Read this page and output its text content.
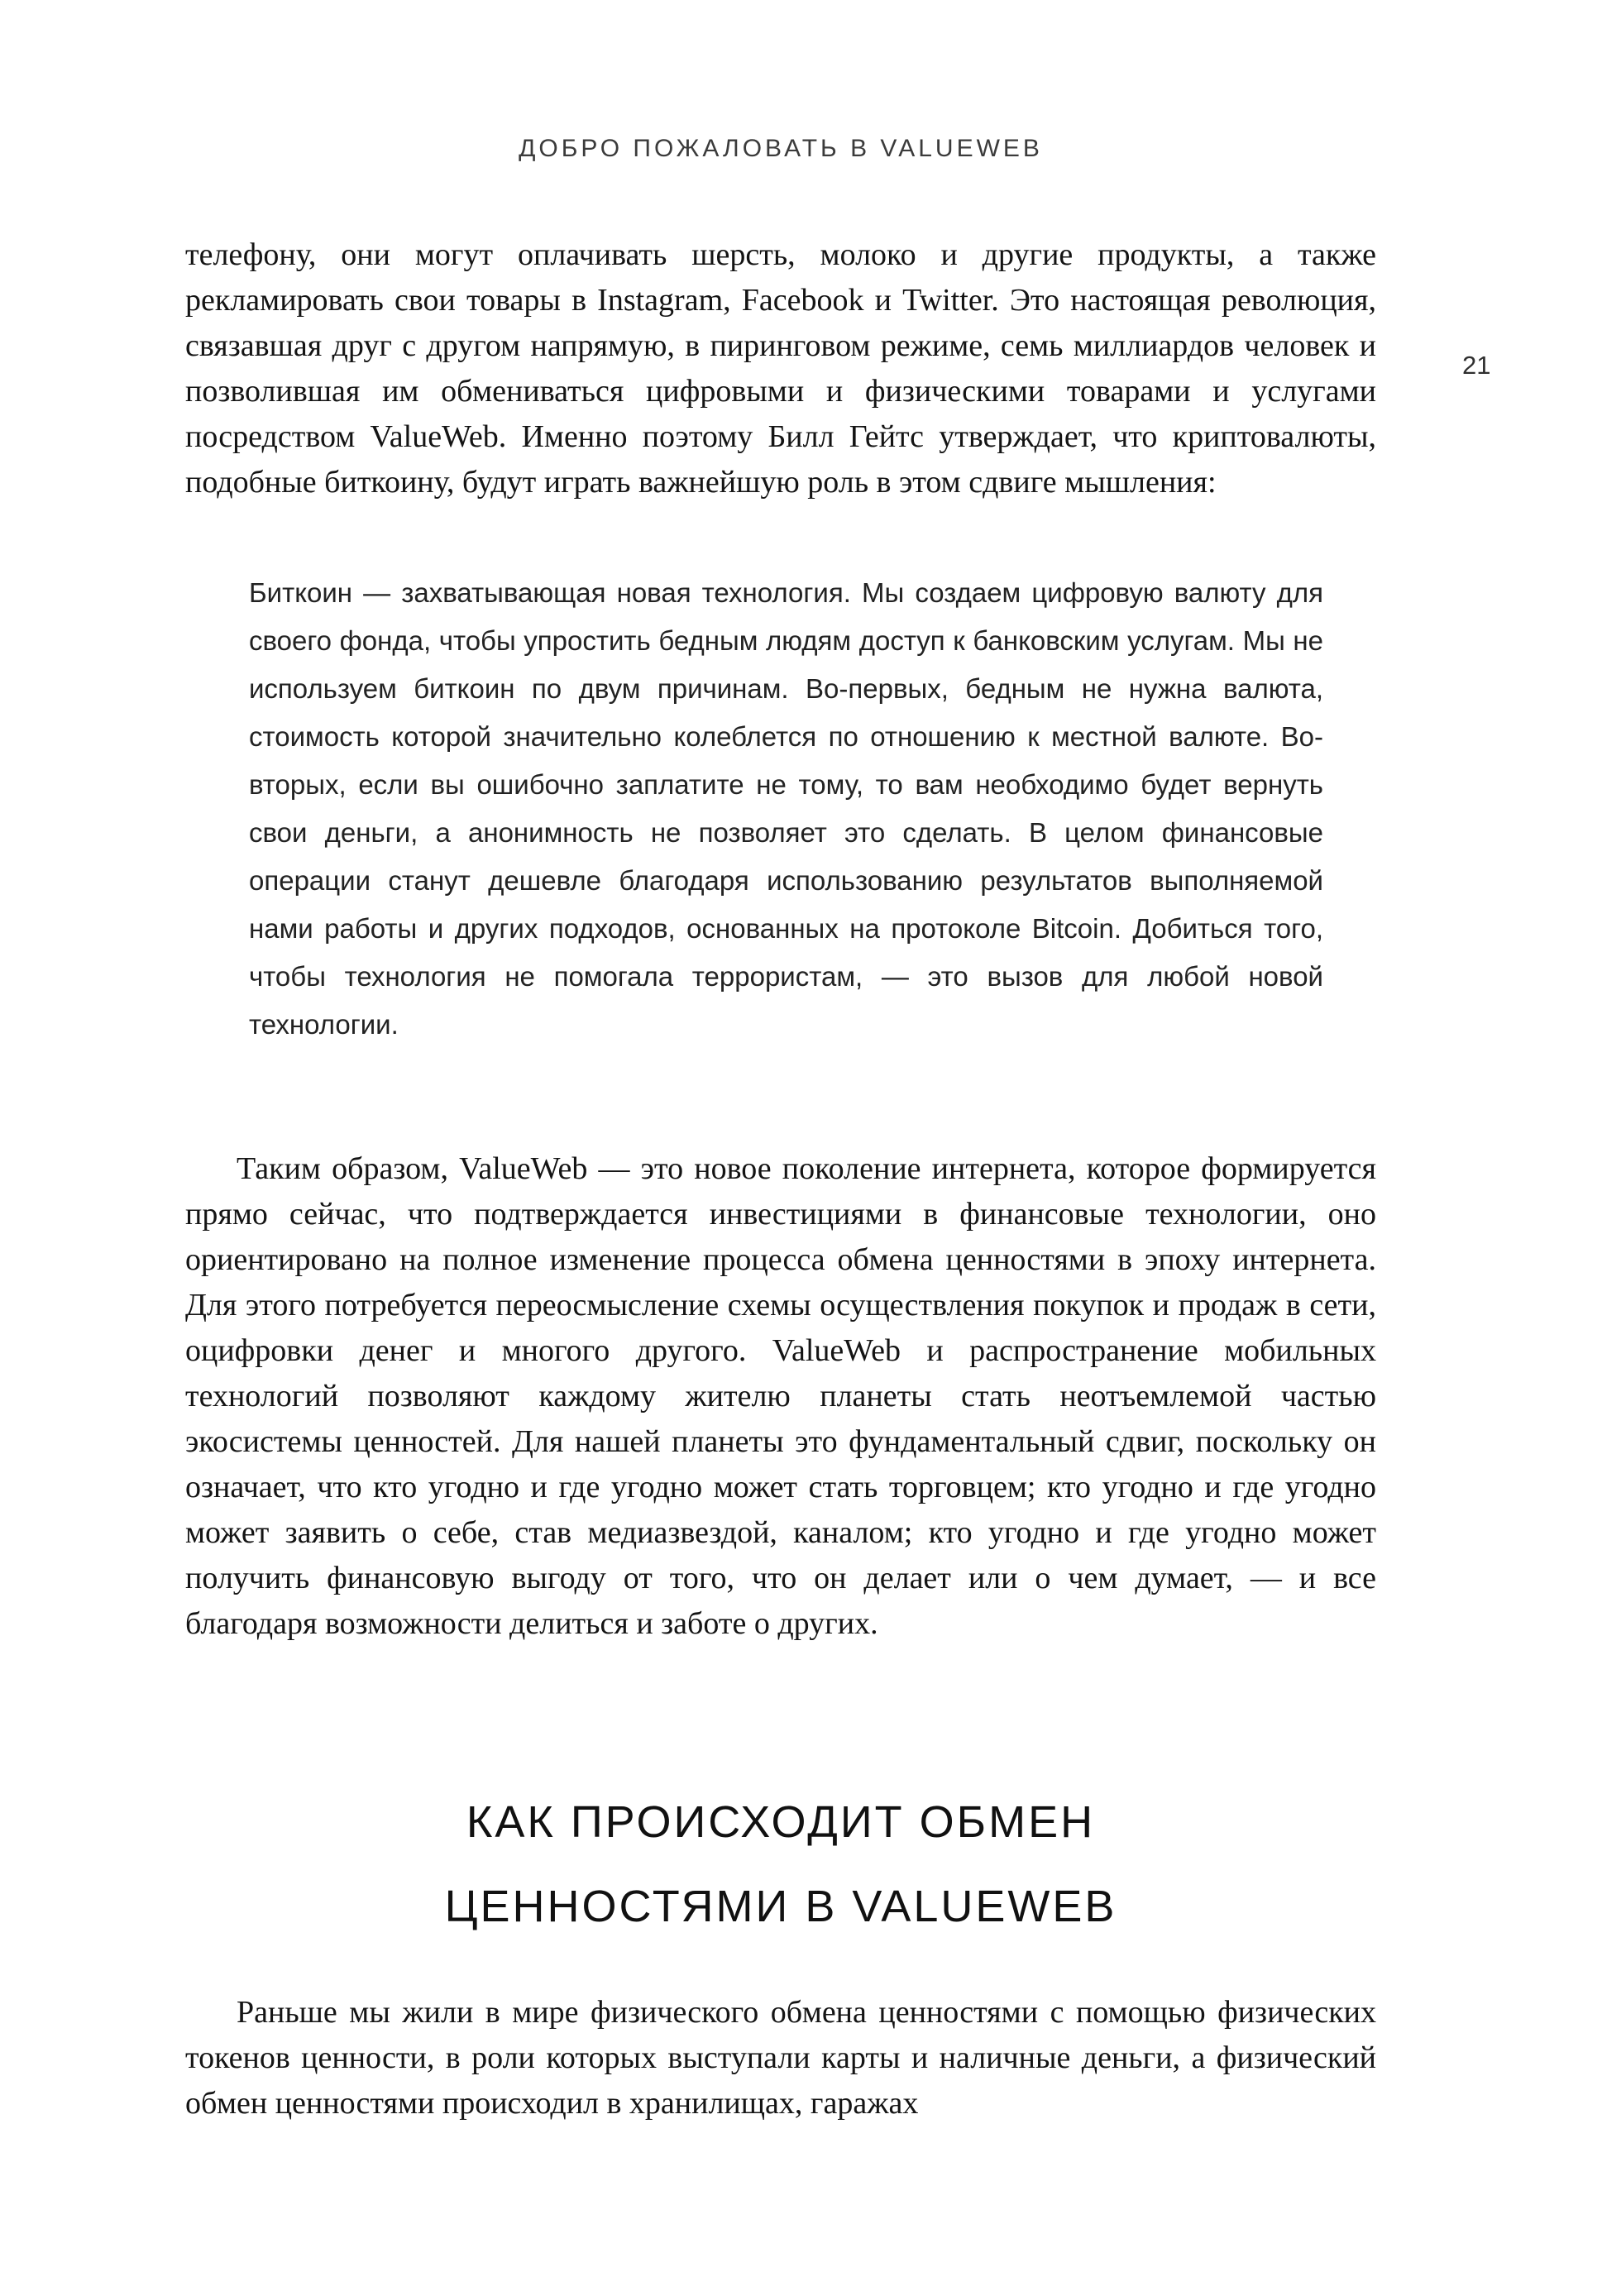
ДОБРО ПОЖАЛОВАТЬ В VALUEWEB
21

телефону, они могут оплачивать шерсть, молоко и другие продукты, а также рекламировать свои товары в Instagram, Facebook и Twitter. Это настоящая революция, связавшая друг с другом напрямую, в пиринговом режиме, семь миллиардов человек и позволившая им обмениваться цифровыми и физическими товарами и услугами посредством ValueWeb. Именно поэтому Билл Гейтс утверждает, что криптовалюты, подобные биткоину, будут играть важнейшую роль в этом сдвиге мышления:

Биткоин — захватывающая новая технология. Мы создаем цифровую валюту для своего фонда, чтобы упростить бедным людям доступ к банковским услугам. Мы не используем биткоин по двум причинам. Во-первых, бедным не нужна валюта, стоимость которой значительно колеблется по отношению к местной валюте. Во-вторых, если вы ошибочно заплатите не тому, то вам необходимо будет вернуть свои деньги, а анонимность не позволяет это сделать. В целом финансовые операции станут дешевле благодаря использованию результатов выполняемой нами работы и других подходов, основанных на протоколе Bitcoin. Добиться того, чтобы технология не помогала террористам, — это вызов для любой новой технологии.

Таким образом, ValueWeb — это новое поколение интернета, которое формируется прямо сейчас, что подтверждается инвестициями в финансовые технологии, оно ориентировано на полное изменение процесса обмена ценностями в эпоху интернета. Для этого потребуется переосмысление схемы осуществления покупок и продаж в сети, оцифровки денег и многого другого. ValueWeb и распространение мобильных технологий позволяют каждому жителю планеты стать неотъемлемой частью экосистемы ценностей. Для нашей планеты это фундаментальный сдвиг, поскольку он означает, что кто угодно и где угодно может стать торговцем; кто угодно и где угодно может заявить о себе, став медиазвездой, каналом; кто угодно и где угодно может получить финансовую выгоду от того, что он делает или о чем думает, — и все благодаря возможности делиться и заботе о других.

КАК ПРОИСХОДИТ ОБМЕН
ЦЕННОСТЯМИ В VALUEWEB

Раньше мы жили в мире физического обмена ценностями с помощью физических токенов ценности, в роли которых выступали карты и наличные деньги, а физический обмен ценностями происходил в хранилищах, гаражах
